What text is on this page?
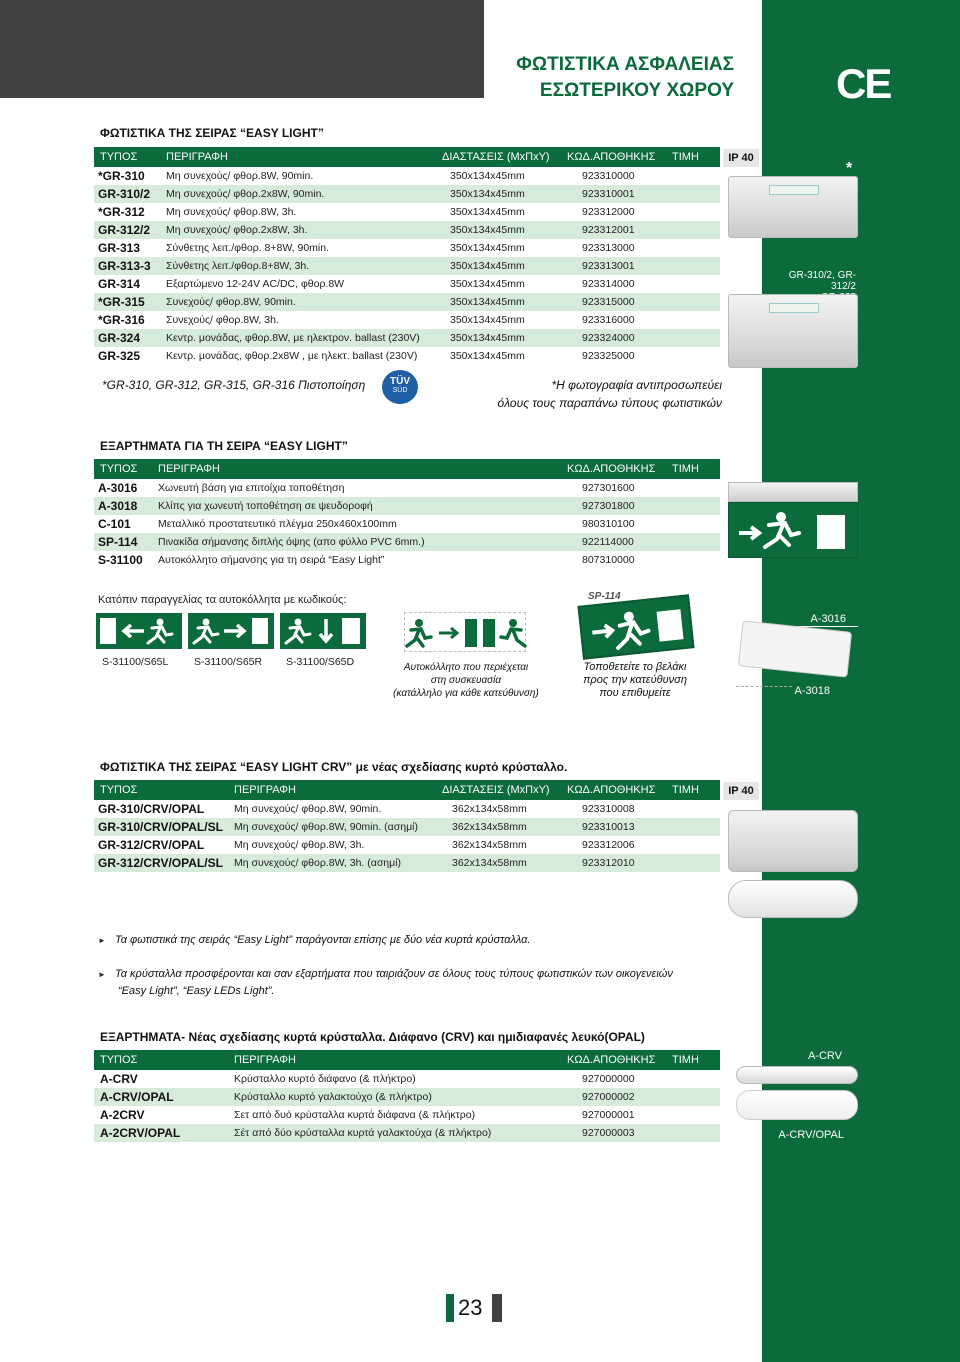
CE
ΦΩΤΙΣΤΙΚΑ ΑΣΦΑΛΕΙΑΣ
ΕΣΩΤΕΡΙΚΟΥ ΧΩΡΟΥ
ΦΩΤΙΣΤΙΚΑ ΤΗΣ ΣΕΙΡΑΣ “EASY LIGHT”
ΤΥΠΟΣ	ΠΕΡΙΓΡΑΦΗ	ΔΙΑΣΤΑΣΕΙΣ (ΜxΠxΥ) ΚΩΔ.ΑΠΟΘΗΚΗΣ ΤΙΜΗ
*GR-310 Μη συνεχούς/ φθορ.8W, 90min.	350x134x45mm	923310000
GR-310/2 Μη συνεχούς/ φθορ.2x8W, 90min.	350x134x45mm	923310001
*GR-312 Μη συνεχούς/ φθορ.8W, 3h.	350x134x45mm	923312000
GR-312/2 Μη συνεχούς/ φθορ.2x8W, 3h.	350x134x45mm	923312001
GR-313 Σύνθετης λειτ./φθορ. 8+8W, 90min.	350x134x45mm	923313000
GR-313-3 Σύνθετης λειτ./φθορ.8+8W, 3h.	350x134x45mm	923313001
GR-314 Εξαρτώμενο 12-24V AC/DC, φθορ.8W	350x134x45mm	923314000
*GR-315 Συνεχούς/ φθορ.8W, 90min.	350x134x45mm	923315000
*GR-316 Συνεχούς/ φθορ.8W, 3h.	350x134x45mm	923316000
GR-324 Κεντρ. μονάδας, φθορ.8W, με ηλεκτρον. ballast (230V)	350x134x45mm	923324000
GR-325 Κεντρ. μονάδας, φθορ.2x8W , με ηλεκτ. ballast (230V)	350x134x45mm	923325000
IP 40
*
GR-310/2, GR-312/2
*GR-310, GR-312, GR-315, GR-316 Πιστοποίηση	TÜV
SÜD	*Η φωτογραφία αντιπροσωπεύει
όλους τους παραπάνω τύπους φωτιστικών
ΕΞΑΡΤΗΜΑΤΑ ΓΙΑ ΤΗ ΣΕΙΡΑ “EASY LIGHT”
ΤΥΠΟΣ ΠΕΡΙΓΡΑΦΗ	ΚΩΔ.ΑΠΟΘΗΚΗΣ ΤΙΜΗ
A-3016 Χωνευτή βάση για επιτοίχια τοποθέτηση	927301600
A-3018 Κλίπς για χωνευτή τοποθέτηση σε ψευδοροφή	927301800
C-101	Μεταλλικό προστατευτικό πλέγμα 250x460x100mm	980310100
SP-114 Πινακίδα σήμανσης διπλής όψης (απο φύλλο PVC 6mm.)	922114000
S-31100 Αυτοκόλλητο σήμανσης για τη σειρά “Easy Light”	807310000
Κατόπιν παραγγελίας τα αυτοκόλλητα με κωδικούς:
S-31100/S65L S-31100/S65R S-31100/S65D	Αυτοκόλλητο που περιέχεται
στη συσκευασία
(κατάλληλο για κάθε κατεύθυνση)
SP-114
Τοποθετείτε το βελάκι
προς την κατεύθυνση
που επιθυμείτε
A-3016
A-3018
ΦΩΤΙΣΤΙΚΑ ΤΗΣ ΣΕΙΡΑΣ “EASY LIGHT CRV” με νέας σχεδίασης κυρτό κρύσταλλο.
ΤΥΠΟΣ	ΠΕΡΙΓΡΑΦΗ	ΔΙΑΣΤΑΣΕΙΣ (ΜxΠxΥ) ΚΩΔ.ΑΠΟΘΗΚΗΣ ΤΙΜΗ
GR-310/CRV/OPAL	Μη συνεχούς/ φθορ.8W, 90min.	362x134x58mm	923310008
GR-310/CRV/OPAL/SL Μη συνεχούς/ φθορ.8W, 90min. (ασημί)	362x134x58mm	923310013
GR-312/CRV/OPAL	Μη συνεχούς/ φθορ.8W, 3h.	362x134x58mm	923312006
GR-312/CRV/OPAL/SL Μη συνεχούς/ φθορ.8W, 3h. (ασημί)	362x134x58mm	923312010
IP 40
► Τα φωτιστικά της σειράς “Easy Light” παράγονται επίσης με δύο νέα κυρτά κρύσταλλα.
► Τα κρύσταλλα προσφέρονται και σαν εξαρτήματα που ταιριάζουν σε όλους τους τύπους φωτιστικών των οικογενειών
“Easy Light”, “Easy LEDs Light”.
ΕΞΑΡΤΗΜΑΤΑ- Νέας σχεδίασης κυρτά κρύσταλλα. Διάφανο (CRV) και ημιδιαφανές λευκό(OPAL)
ΤΥΠΟΣ	ΠΕΡΙΓΡΑΦΗ	ΚΩΔ.ΑΠΟΘΗΚΗΣ ΤΙΜΗ
A-CRV	Κρύσταλλο κυρτό διάφανο (& πλήκτρο)	927000000
A-CRV/OPAL	Κρύσταλλο κυρτό γαλακτούχο (& πλήκτρο)	927000002
A-2CRV	Σετ από δυό κρύσταλλα κυρτά διάφανα (& πλήκτρο)	927000001
A-2CRV/OPAL	Σέτ από δύο κρύσταλλα κυρτά γαλακτούχα (& πλήκτρο)	927000003
A-CRV
A-CRV/OPAL
23
